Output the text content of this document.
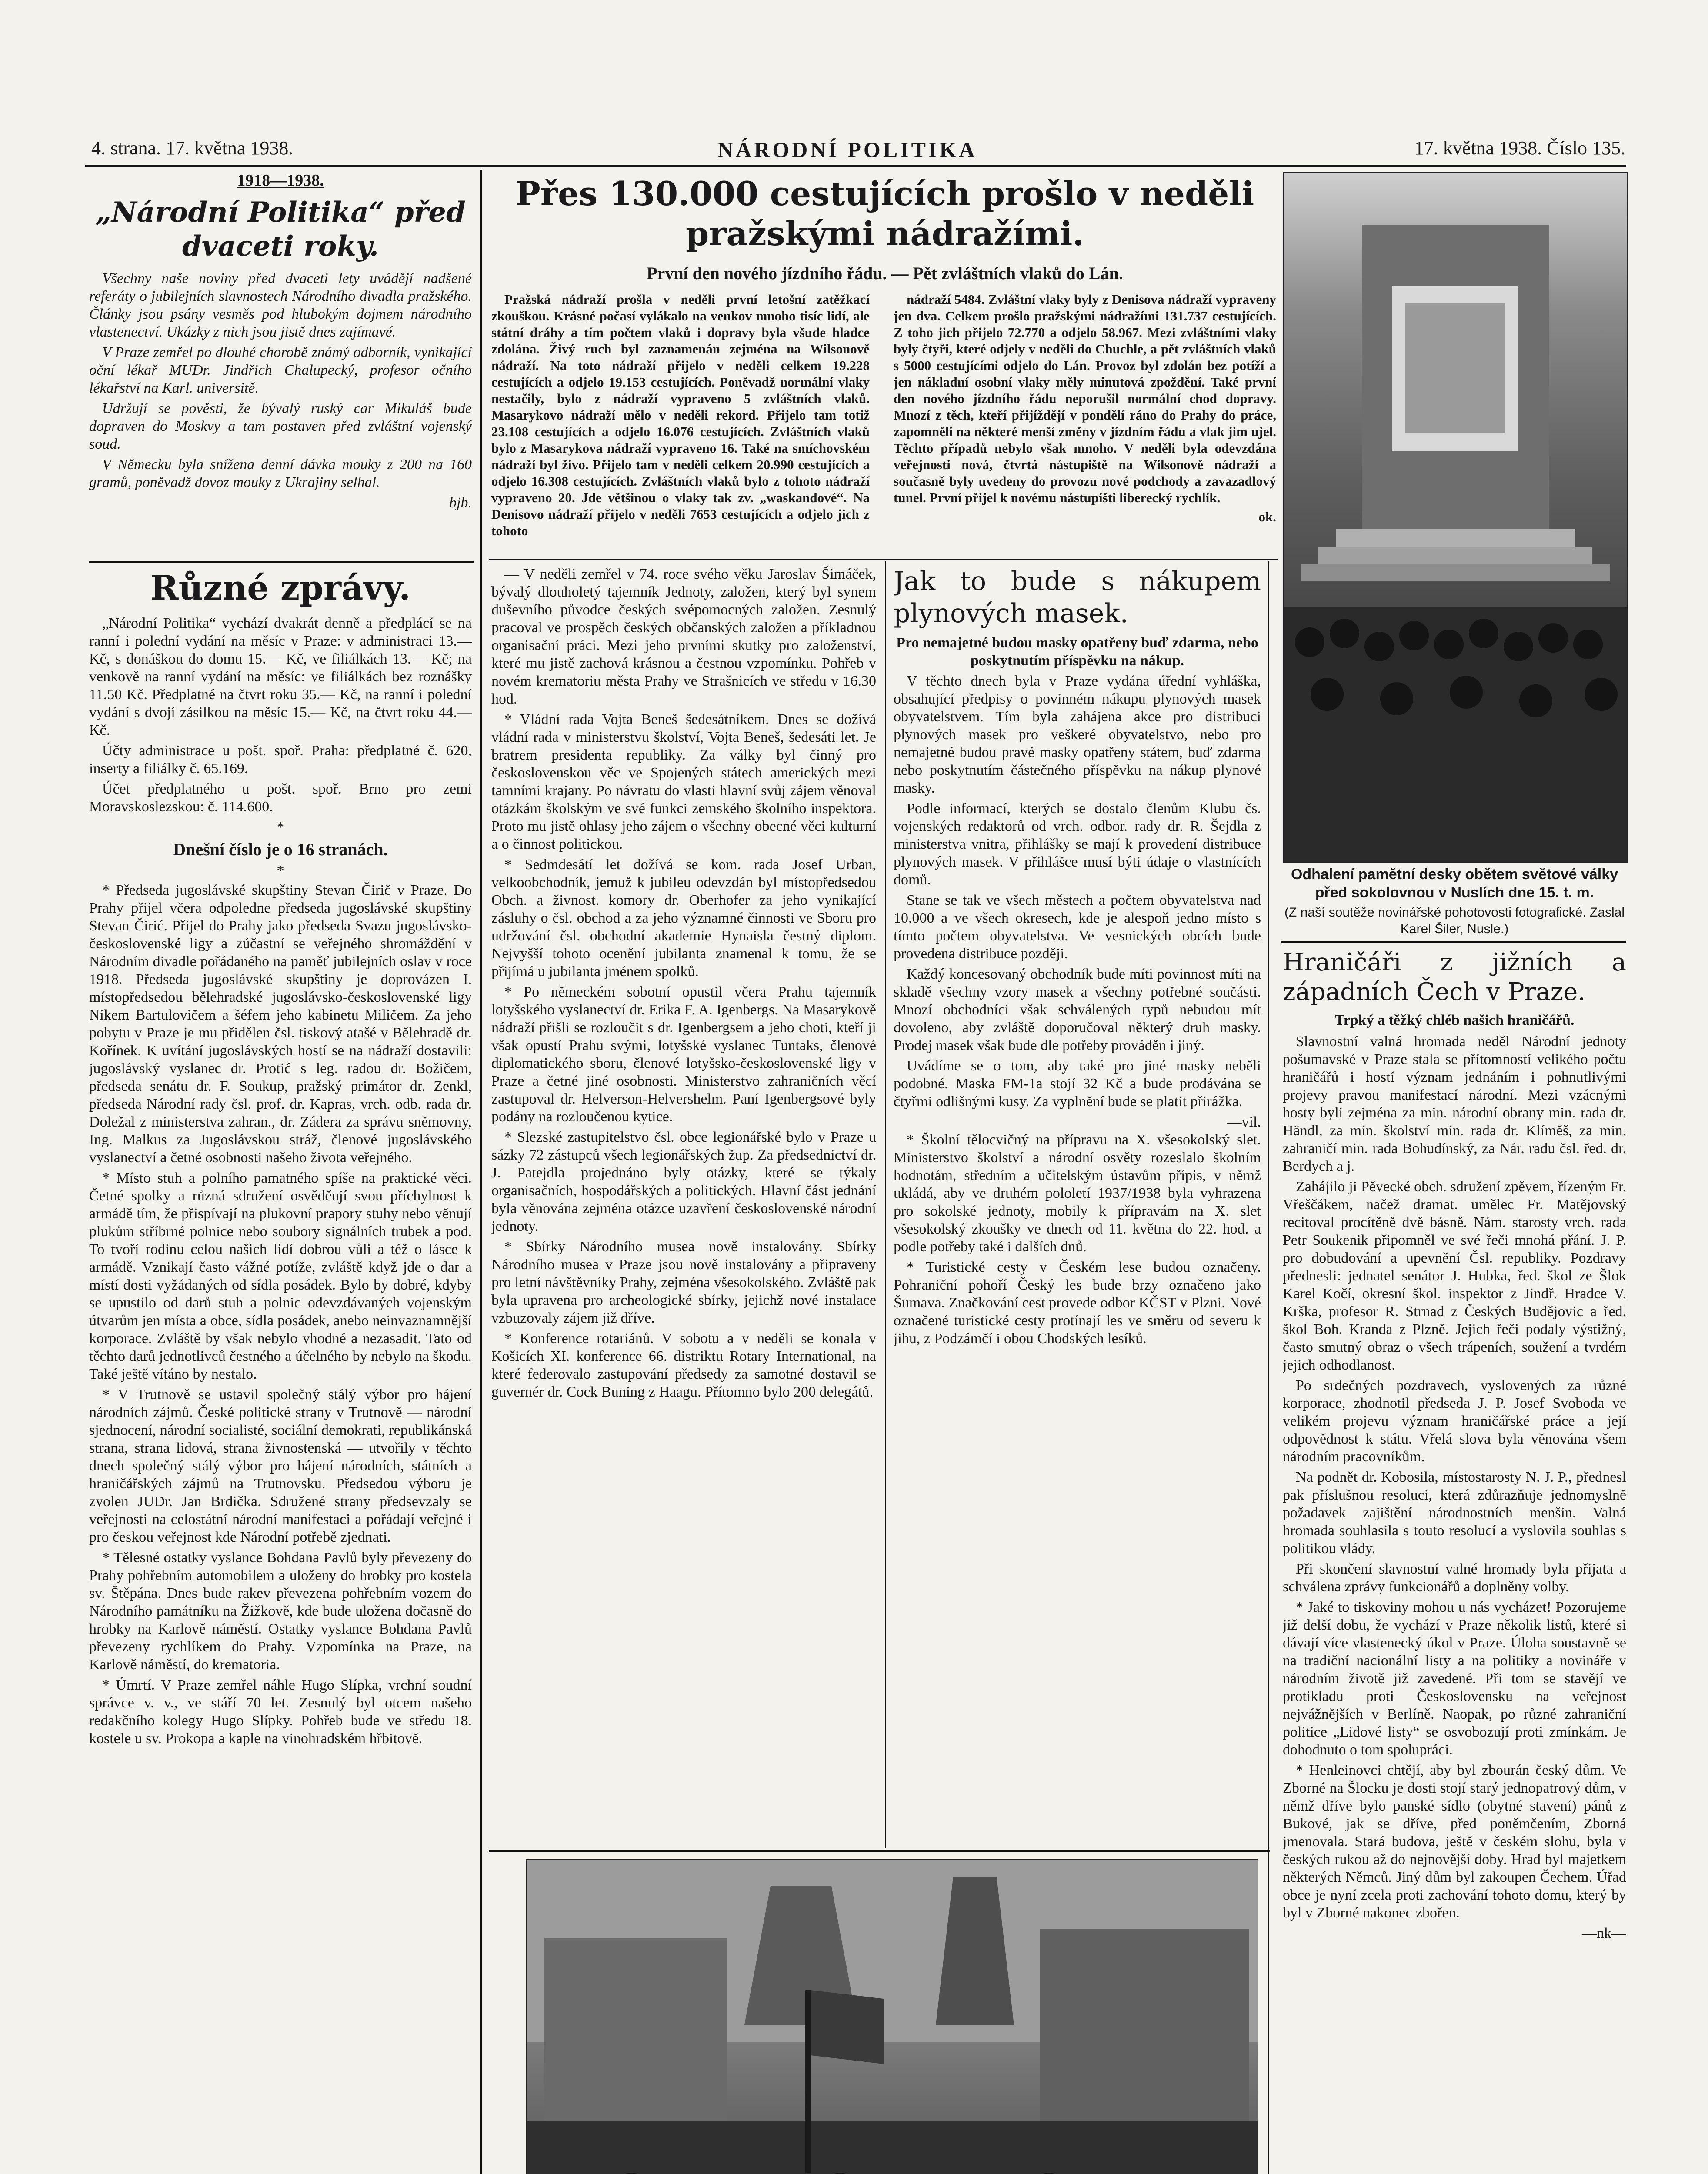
4. strana. 17. května 1938.	NÁRODNÍ POLITIKA	17. května 1938. Číslo 135.
1918—1938.
„Národní Politika“ před dvaceti roky.

Všechny naše noviny před dvaceti lety uvádějí nadšené referáty o jubilejních slavnostech Národního divadla pražského. Články jsou psány vesměs pod hlubokým dojmem národního vlastenectví. Ukázky z nich jsou jistě dnes zajímavé.

V Praze zemřel po dlouhé chorobě známý odborník, vynikající oční lékař MUDr. Jindřich Chalupecký, profesor očního lékařství na Karl. universitě.

Udržují se pověsti, že bývalý ruský car Mikuláš bude dopraven do Moskvy a tam postaven před zvláštní vojenský soud.

V Německu byla snížena denní dávka mouky z 200 na 160 gramů, poněvadž dovoz mouky z Ukrajiny selhal.

bjb.
Různé zprávy.

„Národní Politika“ vychází dvakrát denně a předplácí se na ranní i polední vydání na měsíc v Praze: v administraci 13.— Kč, s donáškou do domu 15.— Kč, ve filiálkách 13.— Kč; na venkově na ranní vydání na měsíc: ve filiálkách bez roznášky 11.50 Kč. Předplatné na čtvrt roku 35.— Kč, na ranní i polední vydání s dvojí zásilkou na měsíc 15.— Kč, na čtvrt roku 44.— Kč.

Účty administrace u pošt. spoř. Praha: předplatné č. 620, inserty a filiálky č. 65.169.

Účet předplatného u pošt. spoř. Brno pro zemi Moravskoslezskou: č. 114.600.

*
Dnešní číslo je o 16 stranách.
*

* Předseda jugoslávské skupštiny Stevan Čirič v Praze. Do Prahy přijel včera odpoledne předseda jugoslávské skupštiny Stevan Čirić. Přijel do Prahy jako předseda Svazu jugoslávsko-československé ligy a zúčastní se veřejného shromáždění v Národním divadle pořádaného na paměť jubilejních oslav v roce 1918. Předseda jugoslávské skupštiny je doprovázen I. místopředsedou bělehradské jugoslávsko-československé ligy Nikem Bartulovičem a šéfem jeho kabinetu Miličem. Za jeho pobytu v Praze je mu přidělen čsl. tiskový atašé v Bělehradě dr. Kořínek. K uvítání jugoslávských hostí se na nádraží dostavili: jugoslávský vyslanec dr. Protić s leg. radou dr. Božičem, předseda senátu dr. F. Soukup, pražský primátor dr. Zenkl, předseda Národní rady čsl. prof. dr. Kapras, vrch. odb. rada dr. Doležal z ministerstva zahran., dr. Zádera za správu sněmovny, Ing. Malkus za Jugoslávskou stráž, členové jugoslávského vyslanectví a četné osobnosti našeho života veřejného.

* Místo stuh a polního pamatného spíše na praktické věci. Četné spolky a různá sdružení osvědčují svou příchylnost k armádě tím, že přispívají na plukovní prapory stuhy nebo věnují plukům stříbrné polnice nebo soubory signálních trubek a pod. To tvoří rodinu celou našich lidí dobrou vůli a též o lásce k armádě. Vznikají často vážné potíže, zvláště když jde o dar a místí dosti vyžádaných od sídla posádek. Bylo by dobré, kdyby se upustilo od darů stuh a polnic odevzdávaných vojenským útvarům jen místa a obce, sídla posádek, anebo neinvaznamnější korporace. Zvláště by však nebylo vhodné a nezasadit. Tato od těchto darů jednotlivců čestného a účelného by nebylo na škodu. Také ještě vítáno by nestalo.

* V Trutnově se ustavil společný stálý výbor pro hájení národních zájmů. České politické strany v Trutnově — národní sjednocení, národní socialisté, sociální demokrati, republikánská strana, strana lidová, strana živnostenská — utvořily v těchto dnech společný stálý výbor pro hájení národních, státních a hraničářských zájmů na Trutnovsku. Předsedou výboru je zvolen JUDr. Jan Brdička. Sdružené strany předsevzaly se veřejnosti na celostátní národní manifestaci a pořádají veřejné i pro českou veřejnost kde Národní potřebě zjednati.

* Tělesné ostatky vyslance Bohdana Pavlů byly převezeny do Prahy pohřebním automobilem a uloženy do hrobky pro kostela sv. Štěpána. Dnes bude rakev převezena pohřebním vozem do Národního památníku na Žižkově, kde bude uložena dočasně do hrobky na Karlově náměstí. Ostatky vyslance Bohdana Pavlů převezeny rychlíkem do Prahy. Vzpomínka na Praze, na Karlově náměstí, do krematoria.

* Úmrtí. V Praze zemřel náhle Hugo Slípka, vrchní soudní správce v. v., ve stáří 70 let. Zesnulý byl otcem našeho redakčního kolegy Hugo Slípky. Pohřeb bude ve středu 18. kostele u sv. Prokopa a kaple na vinohradském hřbitově.

Přes 130.000 cestujících prošlo v neděli pražskými nádražími.
První den nového jízdního řádu. — Pět zvláštních vlaků do Lán.

Pražská nádraží prošla v neděli první letošní zatěžkací zkouškou. Krásné počasí vylákalo na venkov mnoho tisíc lidí, ale státní dráhy a tím počtem vlaků i dopravy byla všude hladce zdolána. Živý ruch byl zaznamenán zejména na Wilsonově nádraží. Na toto nádraží přijelo v neděli celkem 19.228 cestujících a odjelo 19.153 cestujících. Poněvadž normální vlaky nestačily, bylo z nádraží vypraveno 5 zvláštních vlaků. Masarykovo nádraží mělo v neděli rekord. Přijelo tam totiž 23.108 cestujících a odjelo 16.076 cestujících. Zvláštních vlaků bylo z Masarykova nádraží vypraveno 16. Také na smíchovském nádraží byl živo. Přijelo tam v neděli celkem 20.990 cestujících a odjelo 16.308 cestujících. Zvláštních vlaků bylo z tohoto nádraží vypraveno 20. Jde většinou o vlaky tak zv. „waskandové“. Na Denisovo nádraží přijelo v neděli 7653 cestujících a odjelo jich z tohoto

nádraží 5484. Zvláštní vlaky byly z Denisova nádraží vypraveny jen dva. Celkem prošlo pražskými nádražími 131.737 cestujících. Z toho jich přijelo 72.770 a odjelo 58.967. Mezi zvláštními vlaky byly čtyři, které odjely v neděli do Chuchle, a pět zvláštních vlaků s 5000 cestujícími odjelo do Lán. Provoz byl zdolán bez potíží a jen nákladní osobní vlaky měly minutová zpoždění. Také první den nového jízdního řádu neporušil normální chod dopravy. Mnozí z těch, kteří přijíždějí v pondělí ráno do Prahy do práce, zapomněli na některé menší změny v jízdním řádu a vlak jim ujel. Těchto případů nebylo však mnoho. V neděli byla odevzdána veřejnosti nová, čtvrtá nástupiště na Wilsonově nádraží a současně byly uvedeny do provozu nové podchody a zavazadlový tunel. První přijel k novému nástupišti liberecký rychlík.

ok.
Odhalení pamětní desky obětem světové války před sokolovnou v Nuslích dne 15. t. m.
(Z naší soutěže novinářské pohotovosti fotografické. Zaslal Karel Šiler, Nusle.)

— V neděli zemřel v 74. roce svého věku Jaroslav Šimáček, bývalý dlouholetý tajemník Jednoty, založen, který byl synem duševního původce českých svépomocných založen. Zesnulý pracoval ve prospěch českých občanských založen a příkladnou organisační práci. Mezi jeho prvními skutky pro založenství, které mu jistě zachová krásnou a čestnou vzpomínku. Pohřeb v novém krematoriu města Prahy ve Strašnicích ve středu v 16.30 hod.

* Vládní rada Vojta Beneš šedesátníkem. Dnes se dožívá vládní rada v ministerstvu školství, Vojta Beneš, šedesáti let. Je bratrem presidenta republiky. Za války byl činný pro československou věc ve Spojených státech amerických mezi tamními krajany. Po návratu do vlasti hlavní svůj zájem věnoval otázkám školským ve své funkci zemského školního inspektora. Proto mu jistě ohlasy jeho zájem o všechny obecné věci kulturní a o činnost politickou.

* Sedmdesátí let dožívá se kom. rada Josef Urban, velkoobchodník, jemuž k jubileu odevzdán byl místopředsedou Obch. a živnost. komory dr. Oberhofer za jeho vynikající zásluhy o čsl. obchod a za jeho významné činnosti ve Sboru pro udržování čsl. obchodní akademie Hynaisla čestný diplom. Nejvyšší tohoto ocenění jubilanta znamenal k tomu, že se přijímá u jubilanta jménem spolků.

* Po německém sobotní opustil včera Prahu tajemník lotyšského vyslanectví dr. Erika F. A. Igenbergs. Na Masarykově nádraží přišli se rozloučit s dr. Igenbergsem a jeho choti, kteří ji však opustí Prahu svými, lotyšské vyslanec Tuntaks, členové diplomatického sboru, členové lotyšsko-československé ligy v Praze a četné jiné osobnosti. Ministerstvo zahraničních věcí zastupoval dr. Helverson-Helvershelm. Paní Igenbergsové byly podány na rozloučenou kytice.

* Slezské zastupitelstvo čsl. obce legionářské bylo v Praze u sázky 72 zástupců všech legionářských žup. Za předsednictví dr. J. Patejdla projednáno byly otázky, které se týkaly organisačních, hospodářských a politických. Hlavní část jednání byla věnována zejména otázce uzavření československé národní jednoty.

* Sbírky Národního musea nově instalovány. Sbírky Národního musea v Praze jsou nově instalovány a připraveny pro letní návštěvníky Prahy, zejména všesokolského. Zvláště pak byla upravena pro archeologické sbírky, jejichž nové instalace vzbuzovaly zájem již dříve.

* Konference rotariánů. V sobotu a v neděli se konala v Košicích XI. konference 66. distriktu Rotary International, na které federovalo zastupování předsedy za samotné dostavil se guvernér dr. Cock Buning z Haagu. Přítomno bylo 200 delegátů.

Jak to bude s nákupem plynových masek.

Pro nemajetné budou masky opatřeny buď zdarma, nebo poskytnutím příspěvku na nákup.

V těchto dnech byla v Praze vydána úřední vyhláška, obsahující předpisy o povinném nákupu plynových masek obyvatelstvem. Tím byla zahájena akce pro distribuci plynových masek pro veškeré obyvatelstvo, nebo pro nemajetné budou pravé masky opatřeny státem, buď zdarma nebo poskytnutím částečného příspěvku na nákup plynové masky.

Podle informací, kterých se dostalo členům Klubu čs. vojenských redaktorů od vrch. odbor. rady dr. R. Šejdla z ministerstva vnitra, přihlášky se mají k provedení distribuce plynových masek. V přihlášce musí býti údaje o vlastnících domů.

Stane se tak ve všech městech a počtem obyvatelstva nad 10.000 a ve všech okresech, kde je alespoň jedno místo s tímto počtem obyvatelstva. Ve vesnických obcích bude provedena distribuce později.

Každý koncesovaný obchodník bude míti povinnost míti na skladě všechny vzory masek a všechny potřebné součásti. Mnozí obchodníci však schválených typů nebudou mít dovoleno, aby zvláště doporučoval některý druh masky. Prodej masek však bude dle potřeby prováděn i jiný.

Uvádíme se o tom, aby také pro jiné masky neběli podobné. Maska FM-1a stojí 32 Kč a bude prodávána se čtyřmi odlišnými kusy. Za vyplnění bude se platit přirážka.

—vil.

* Školní tělocvičný na přípravu na X. všesokolský slet. Ministerstvo školství a národní osvěty rozeslalo školním hodnotám, středním a učitelským ústavům přípis, v němž ukládá, aby ve druhém pololetí 1937/1938 byla vyhrazena pro sokolské jednoty, mobily k přípravám na X. slet všesokolský zkoušky ve dnech od 11. května do 22. hod. a podle potřeby také i dalších dnů.

* Turistické cesty v Českém lese budou označeny. Pohraniční pohoří Český les bude brzy označeno jako Šumava. Značkování cest provede odbor KČST v Plzni. Nové označené turistické cesty protínají les ve směru od severu k jihu, z Podzámčí i obou Chodských lesíků.

Hraničáři z jižních a západních Čech v Praze.
Trpký a těžký chléb našich hraničářů.

Slavnostní valná hromada neděl Národní jednoty pošumavské v Praze stala se přítomností velikého počtu hraničářů i hostí význam jednáním i pohnutlivými projevy pravou manifestací národní. Mezi vzácnými hosty byli zejména za min. národní obrany min. rada dr. Händl, za min. školství min. rada dr. Klíměš, za min. zahraničí min. rada Bohudínský, za Nár. radu čsl. řed. dr. Berdych a j.

Zahájilo ji Pěvecké obch. sdružení zpěvem, řízeným Fr. Vřeščákem, načež dramat. umělec Fr. Matějovský recitoval procítěně dvě básně. Nám. starosty vrch. rada Petr Soukenik připomněl ve své řeči mnohá přání. J. P. pro dobudování a upevnění Čsl. republiky. Pozdravy přednesli: jednatel senátor J. Hubka, řed. škol ze Šlok Karel Kočí, okresní škol. inspektor z Jindř. Hradce V. Krška, profesor R. Strnad z Českých Budějovic a řed. škol Boh. Kranda z Plzně. Jejich řeči podaly výstižný, často smutný obraz o všech trápeních, soužení a tvrdém jejich odhodlanost.

Po srdečných pozdravech, vyslovených za různé korporace, zhodnotil předseda J. P. Josef Svoboda ve velikém projevu význam hraničářské práce a její odpovědnost k státu. Vřelá slova byla věnována všem národním pracovníkům.

Na podnět dr. Kobosila, místostarosty N. J. P., přednesl pak příslušnou resoluci, která zdůrazňuje jednomyslně požadavek zajištění národnostních menšin. Valná hromada souhlasila s touto resolucí a vyslovila souhlas s politikou vlády.

Při skončení slavnostní valné hromady byla přijata a schválena zprávy funkcionářů a doplněny volby.

* Jaké to tiskoviny mohou u nás vycházet! Pozorujeme již delší dobu, že vychází v Praze několik listů, které si dávají více vlastenecký úkol v Praze. Úloha soustavně se na tradiční nacionální listy a na politiky a novináře v národním životě již zavedené. Při tom se stavějí ve protikladu proti Československu na veřejnost nejvážnějších v Berlíně. Naopak, po různé zahraniční politice „Lidové listy“ se osvobozují proti zmínkám. Je dohodnuto o tom spolupráci.

* Henleinovci chtějí, aby byl zbourán český dům. Ve Zborné na Šlocku je dosti stojí starý jednopatrový dům, v němž dříve bylo panské sídlo (obytné stavení) pánů z Bukové, jak se dříve, před poněmčením, Zborná jmenovala. Stará budova, ještě v českém slohu, byla v českých rukou až do nejnovější doby. Hrad byl majetkem některých Němců. Jiný dům byl zakoupen Čechem. Úřad obce je nyní zcela proti zachování tohoto domu, který by byl v Zborné nakonec zbořen.

—nk—
